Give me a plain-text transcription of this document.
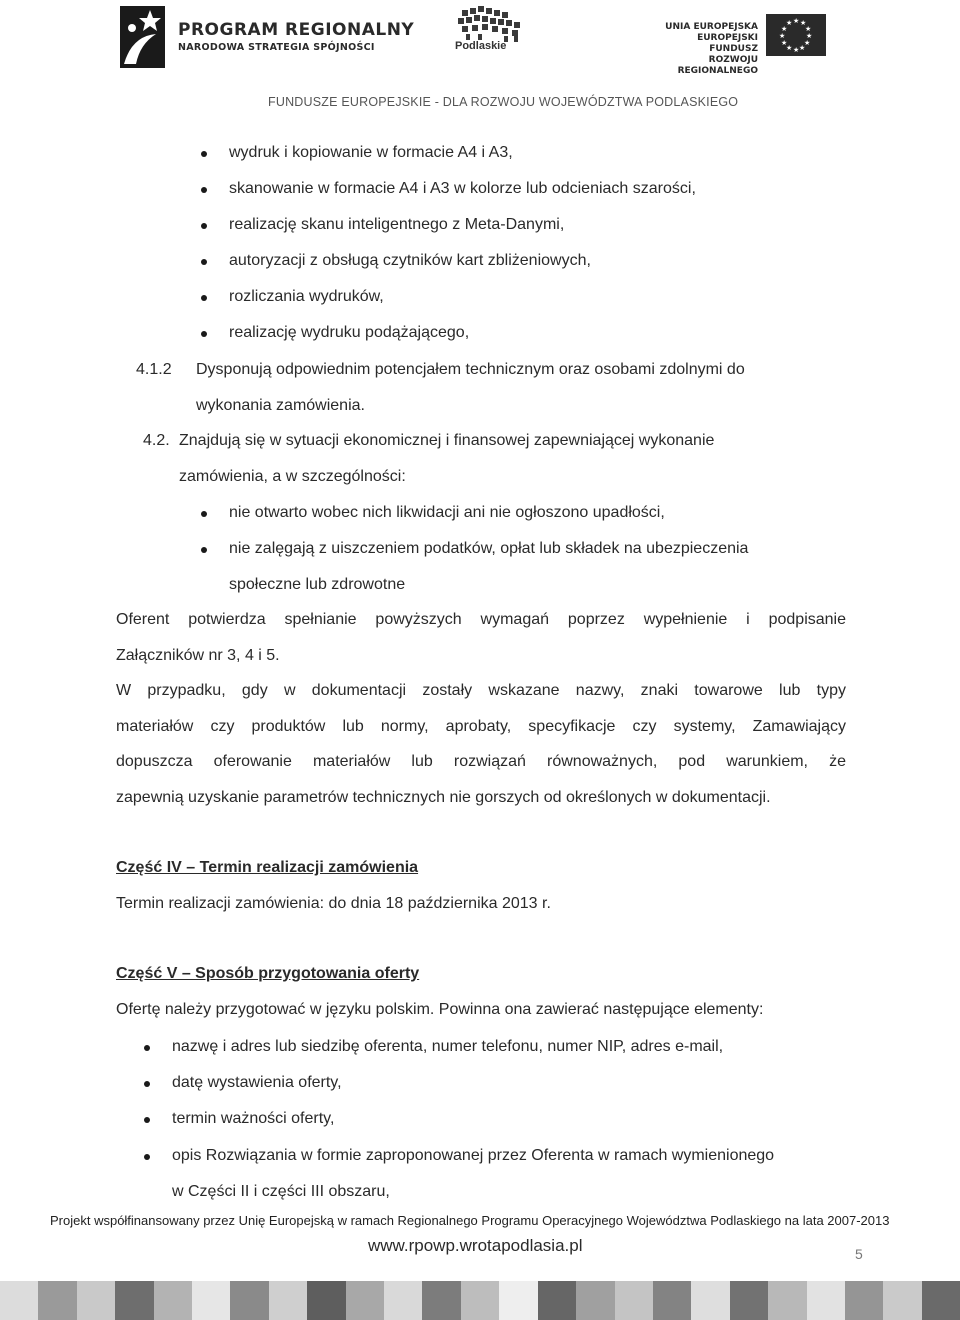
PROGRAM REGIONALNY
NARODOWA STRATEGIA SPÓJNOŚCI	Podlaskie
UNIA EUROPEJSKA
EUROPEJSKI FUNDUSZ
ROZWOJU REGIONALNEGO
★ ★
★
★
★
★
★
★
★
★
★
★
FUNDUSZE EUROPEJSKIE - DLA ROZWOJU WOJEWÓDZTWA PODLASKIEGO
wydruk i kopiowanie w formacie A4 i A3,
skanowanie w formacie A4 i A3 w kolorze lub odcieniach szarości,
realizację skanu inteligentnego z Meta-Danymi,
autoryzacji z obsługą czytników kart zbliżeniowych,
rozliczania wydruków,
realizację wydruku podążającego,
4.1.2 Dysponują odpowiednim potencjałem technicznym oraz osobami zdolnymi do
wykonania zamówienia.
4.2. Znajdują się w sytuacji ekonomicznej i finansowej zapewniającej wykonanie
zamówienia, a w szczególności:
nie otwarto wobec nich likwidacji ani nie ogłoszono upadłości,
nie zalęgają z uiszczeniem podatków, opłat lub składek na ubezpieczenia
społeczne lub zdrowotne
Oferent potwierdza spełnianie powyższych wymagań poprzez wypełnienie i podpisanie
Załączników nr 3, 4 i 5.
W przypadku, gdy w dokumentacji zostały wskazane nazwy, znaki towarowe lub typy
materiałów czy produktów lub normy, aprobaty, specyfikacje czy systemy, Zamawiający
dopuszcza oferowanie materiałów lub rozwiązań równoważnych, pod warunkiem, że
zapewnią uzyskanie parametrów technicznych nie gorszych od określonych w dokumentacji.
Część IV – Termin realizacji zamówienia
Termin realizacji zamówienia: do dnia 18 października 2013 r.
Część V – Sposób przygotowania oferty
Ofertę należy przygotować w języku polskim. Powinna ona zawierać następujące elementy:
nazwę i adres lub siedzibę oferenta, numer telefonu, numer NIP, adres e-mail,
datę wystawienia oferty,
termin ważności oferty,
opis Rozwiązania w formie zaproponowanej przez Oferenta w ramach wymienionego
w Części II i części III obszaru,
Projekt współfinansowany przez Unię Europejską w ramach Regionalnego Programu Operacyjnego Województwa Podlaskiego na lata 2007-2013
www.rpowp.wrotapodlasia.pl	5
